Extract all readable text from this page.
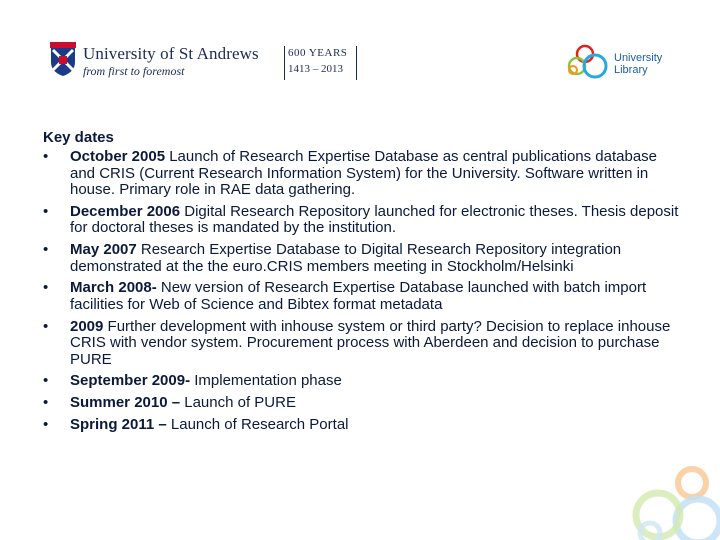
University of St Andrews
from first to foremost
600 YEARS
1413 – 2013
University
Library
Key dates
• October 2005 Launch of Research Expertise Database as central publications database and CRIS (Current Research Information System) for the University. Software written in house. Primary role in RAE data gathering.
• December 2006 Digital Research Repository launched for electronic theses. Thesis deposit for doctoral theses is mandated by the institution.
• May 2007 Research Expertise Database to Digital Research Repository integration demonstrated at the the euro.CRIS members meeting in Stockholm/Helsinki
• March 2008- New version of Research Expertise Database launched with batch import facilities for Web of Science and Bibtex format metadata
• 2009 Further development with inhouse system or third party? Decision to replace inhouse CRIS with vendor system. Procurement process with Aberdeen and decision to purchase PURE
• September 2009- Implementation phase
• Summer 2010 – Launch of PURE
• Spring 2011 – Launch of Research Portal
